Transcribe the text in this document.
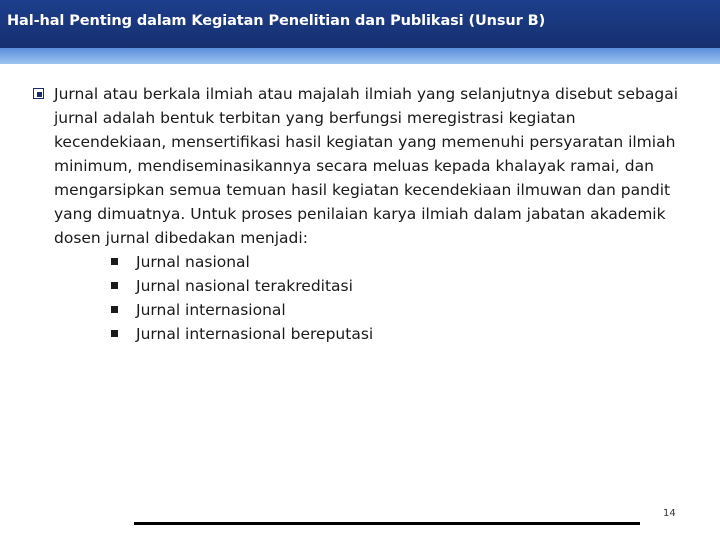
Hal-hal Penting dalam Kegiatan Penelitian dan Publikasi (Unsur B)
Jurnal atau berkala ilmiah atau majalah ilmiah yang selanjutnya disebut sebagai jurnal adalah bentuk terbitan yang berfungsi meregistrasi kegiatan kecendekiaan, mensertifikasi hasil kegiatan yang memenuhi persyaratan ilmiah minimum, mendiseminasikannya secara meluas kepada khalayak ramai, dan mengarsipkan semua temuan hasil kegiatan kecendekiaan ilmuwan dan pandit yang dimuatnya. Untuk proses penilaian karya ilmiah dalam jabatan akademik dosen jurnal dibedakan menjadi:
Jurnal nasional
Jurnal nasional terakreditasi
Jurnal internasional
Jurnal internasional bereputasi
14
